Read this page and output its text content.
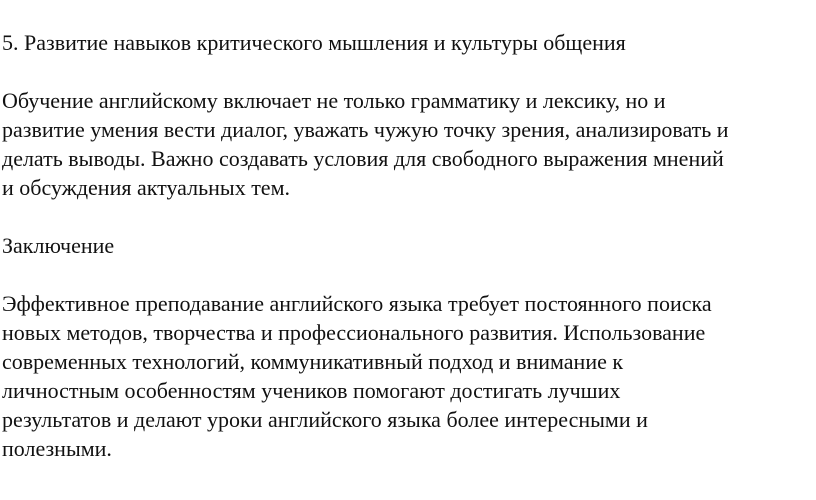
5. Развитие навыков критического мышления и культуры общения
Обучение английскому включает не только грамматику и лексику, но и
развитие умения вести диалог, уважать чужую точку зрения, анализировать и
делать выводы. Важно создавать условия для свободного выражения мнений
и обсуждения актуальных тем.
Заключение
Эффективное преподавание английского языка требует постоянного поиска
новых методов, творчества и профессионального развития. Использование
современных технологий, коммуникативный подход и внимание к
личностным особенностям учеников помогают достигать лучших
результатов и делают уроки английского языка более интересными и
полезными.
